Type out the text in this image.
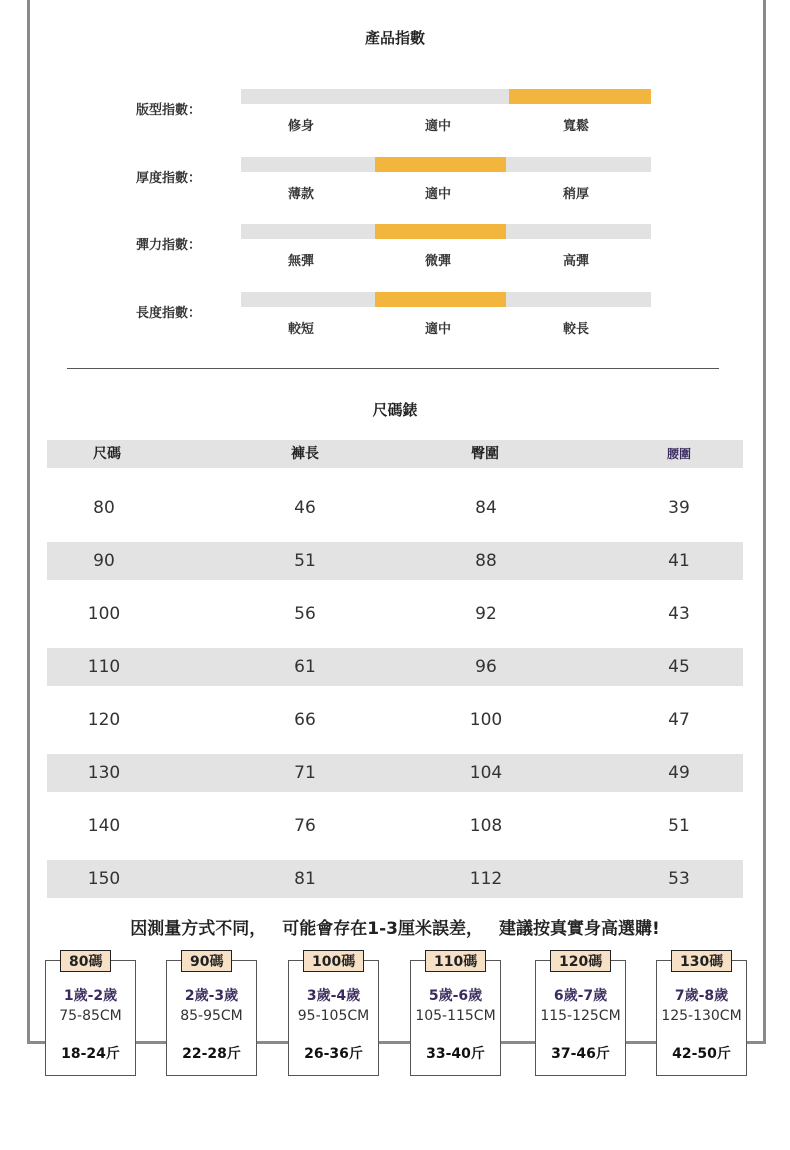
產品指數
版型指數：
修身	適中	寬鬆
厚度指數：
薄款	適中	稍厚
彈力指數：
無彈	微彈	高彈
長度指數：
較短	適中	較長
尺碼錶
尺碼	褲長	臀圍	腰圍
80	46	84	39
90	51	88	41
100	56	92	43
110	61	96	45
120	66	100	47
130	71	104	49
140	76	108	51
150	81	112	53
因測量方式不同， 可能會存在1-3厘米誤差， 建議按真實身高選購!
80碼
1歲-2歲
75-85CM
18-24斤
90碼
2歲-3歲
85-95CM
22-28斤
100碼
3歲-4歲
95-105CM
26-36斤
110碼
5歲-6歲
105-115CM
33-40斤
120碼
6歲-7歲
115-125CM
37-46斤
130碼
7歲-8歲
125-130CM
42-50斤
